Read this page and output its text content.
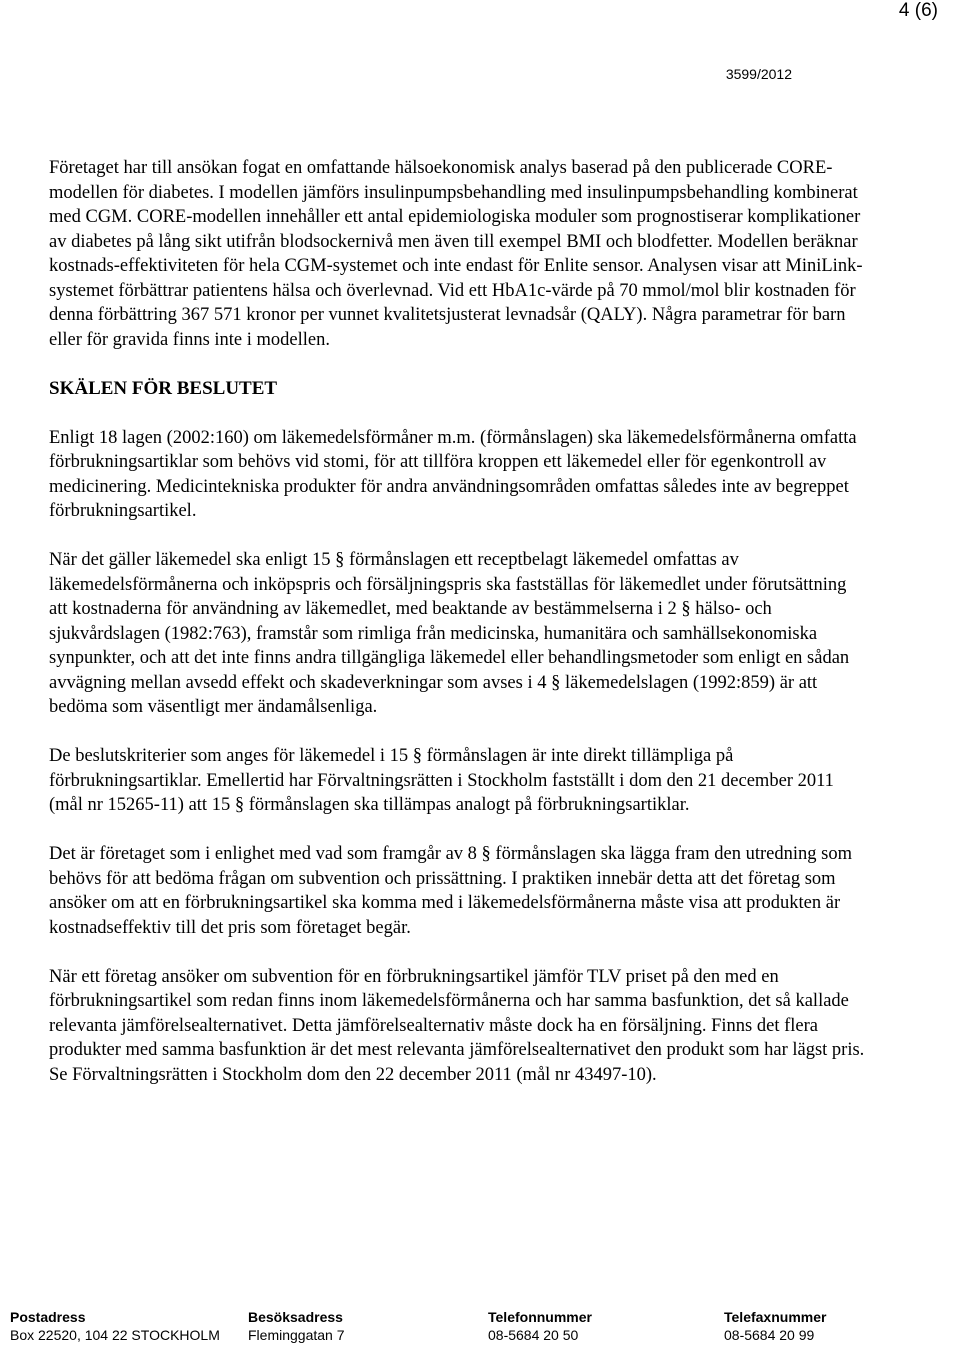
4 (6)
3599/2012

Företaget har till ansökan fogat en omfattande hälsoekonomisk analys baserad på den publicerade CORE-modellen för diabetes. I modellen jämförs insulinpumpsbehandling med insulinpumpsbehandling kombinerat med CGM. CORE-modellen innehåller ett antal epidemiologiska moduler som prognostiserar komplikationer av diabetes på lång sikt utifrån blodsockernivå men även till exempel BMI och blodfetter. Modellen beräknar kostnads-effektiviteten för hela CGM-systemet och inte endast för Enlite sensor. Analysen visar att MiniLink-systemet förbättrar patientens hälsa och överlevnad. Vid ett HbA1c-värde på 70 mmol/mol blir kostnaden för denna förbättring 367 571 kronor per vunnet kvalitetsjusterat levnadsår (QALY). Några parametrar för barn eller för gravida finns inte i modellen.

SKÄLEN FÖR BESLUTET

Enligt 18 lagen (2002:160) om läkemedelsförmåner m.m. (förmånslagen) ska läkemedelsförmånerna omfatta förbrukningsartiklar som behövs vid stomi, för att tillföra kroppen ett läkemedel eller för egenkontroll av medicinering. Medicintekniska produkter för andra användningsområden omfattas således inte av begreppet förbrukningsartikel.

När det gäller läkemedel ska enligt 15 § förmånslagen ett receptbelagt läkemedel omfattas av läkemedelsförmånerna och inköpspris och försäljningspris ska fastställas för läkemedlet under förutsättning att kostnaderna för användning av läkemedlet, med beaktande av bestämmelserna i 2 § hälso- och sjukvårdslagen (1982:763), framstår som rimliga från medicinska, humanitära och samhällsekonomiska synpunkter, och att det inte finns andra tillgängliga läkemedel eller behandlingsmetoder som enligt en sådan avvägning mellan avsedd effekt och skadeverkningar som avses i 4 § läkemedelslagen (1992:859) är att bedöma som väsentligt mer ändamålsenliga.

De beslutskriterier som anges för läkemedel i 15 § förmånslagen är inte direkt tillämpliga på förbrukningsartiklar. Emellertid har Förvaltningsrätten i Stockholm fastställt i dom den 21 december 2011 (mål nr 15265-11) att 15 § förmånslagen ska tillämpas analogt på förbrukningsartiklar.

Det är företaget som i enlighet med vad som framgår av 8 § förmånslagen ska lägga fram den utredning som behövs för att bedöma frågan om subvention och prissättning. I praktiken innebär detta att det företag som ansöker om att en förbrukningsartikel ska komma med i läkemedelsförmånerna måste visa att produkten är kostnadseffektiv till det pris som företaget begär.

När ett företag ansöker om subvention för en förbrukningsartikel jämför TLV priset på den med en förbrukningsartikel som redan finns inom läkemedelsförmånerna och har samma basfunktion, det så kallade relevanta jämförelsealternativet. Detta jämförelsealternativ måste dock ha en försäljning. Finns det flera produkter med samma basfunktion är det mest relevanta jämförelsealternativet den produkt som har lägst pris. Se Förvaltningsrätten i Stockholm dom den 22 december 2011 (mål nr 43497-10).

Postadress
Box 22520, 104 22 STOCKHOLM
Besöksadress
Fleminggatan 7
Telefonnummer
08-5684 20 50
Telefaxnummer
08-5684 20 99
